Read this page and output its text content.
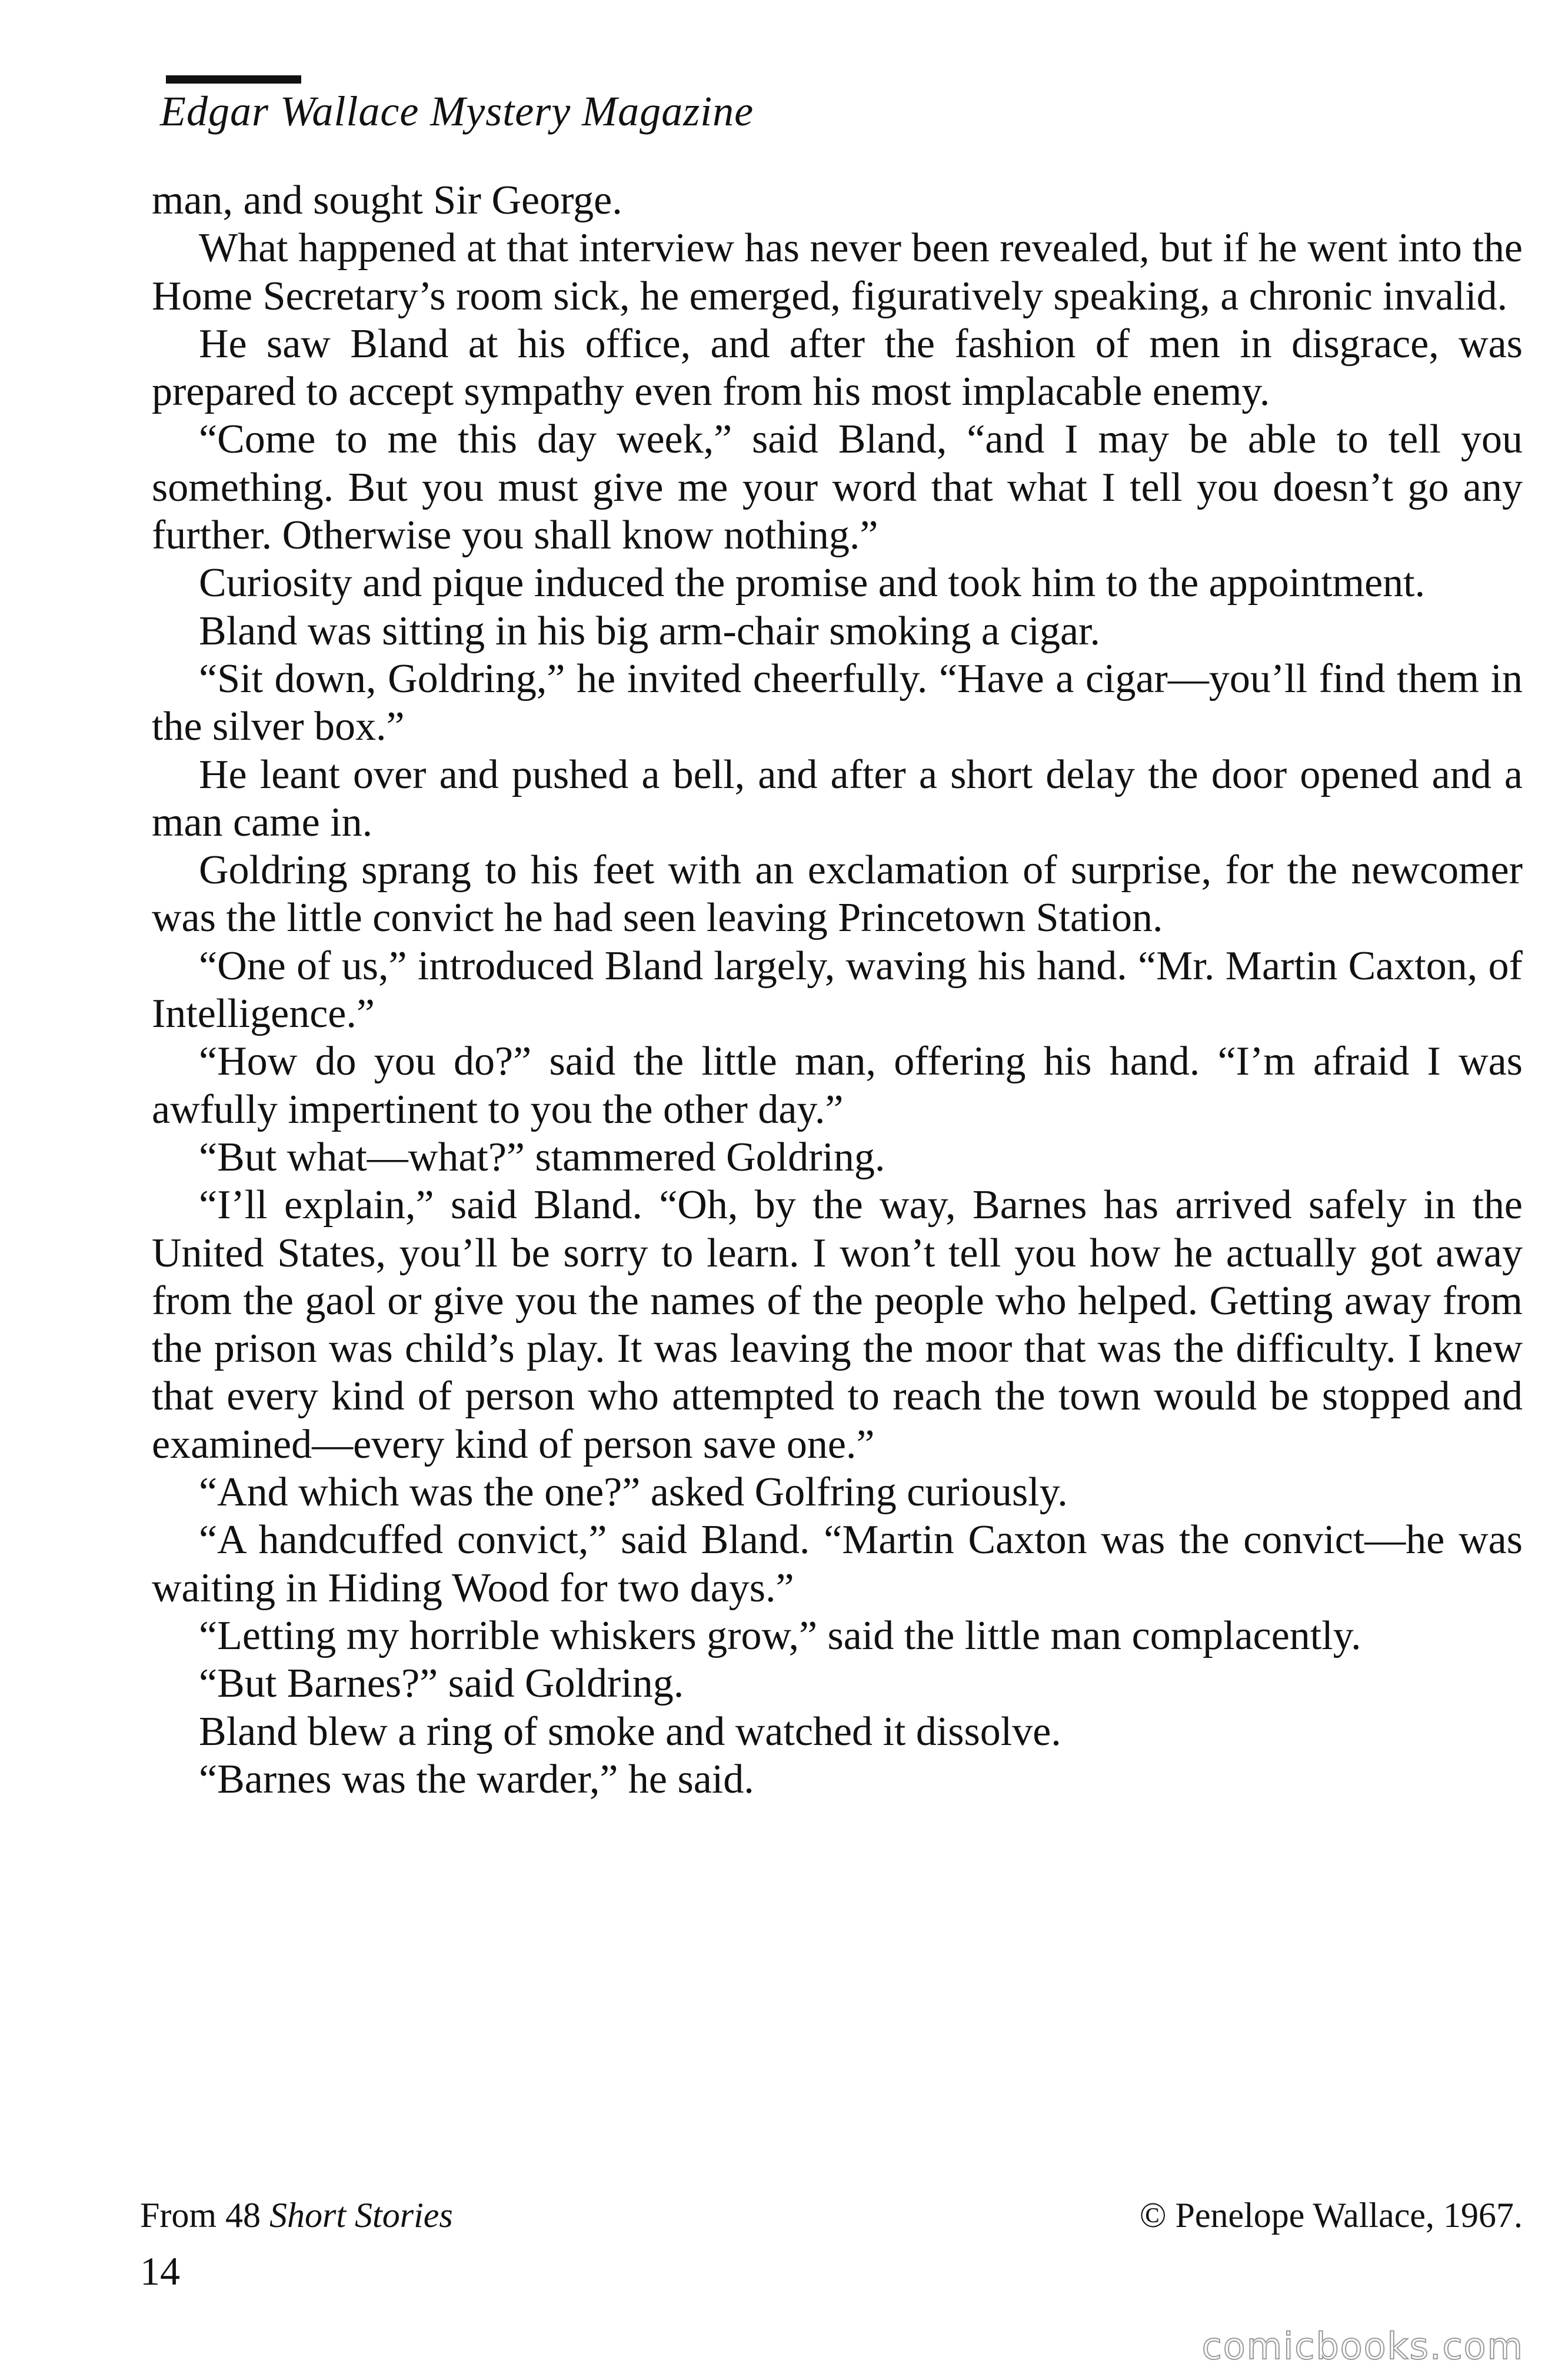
Edgar Wallace Mystery Magazine

man, and sought Sir George.

What happened at that interview has never been revealed, but if he went into the Home Secretary’s room sick, he emerged, figuratively speaking, a chronic invalid.

He saw Bland at his office, and after the fashion of men in disgrace, was prepared to accept sympathy even from his most implacable enemy.

“Come to me this day week,” said Bland, “and I may be able to tell you something. But you must give me your word that what I tell you doesn’t go any further. Otherwise you shall know nothing.”

Curiosity and pique induced the promise and took him to the appointment.

Bland was sitting in his big arm-chair smoking a cigar.

“Sit down, Goldring,” he invited cheerfully. “Have a cigar—you’ll find them in the silver box.”

He leant over and pushed a bell, and after a short delay the door opened and a man came in.

Goldring sprang to his feet with an exclamation of surprise, for the newcomer was the little convict he had seen leaving Princetown Station.

“One of us,” introduced Bland largely, waving his hand. “Mr. Martin Caxton, of Intelligence.”

“How do you do?” said the little man, offering his hand. “I’m afraid I was awfully impertinent to you the other day.”

“But what—what?” stammered Goldring.

“I’ll explain,” said Bland. “Oh, by the way, Barnes has arrived safely in the United States, you’ll be sorry to learn. I won’t tell you how he actually got away from the gaol or give you the names of the people who helped. Getting away from the prison was child’s play. It was leaving the moor that was the difficulty. I knew that every kind of person who attempted to reach the town would be stopped and examined—every kind of person save one.”

“And which was the one?” asked Golfring curiously.

“A handcuffed convict,” said Bland. “Martin Caxton was the convict—he was waiting in Hiding Wood for two days.”

“Letting my horrible whiskers grow,” said the little man complacently.

“But Barnes?” said Goldring.

Bland blew a ring of smoke and watched it dissolve.

“Barnes was the warder,” he said.

From 48 Short Stories	© Penelope Wallace, 1967.
14
comicbooks.com
